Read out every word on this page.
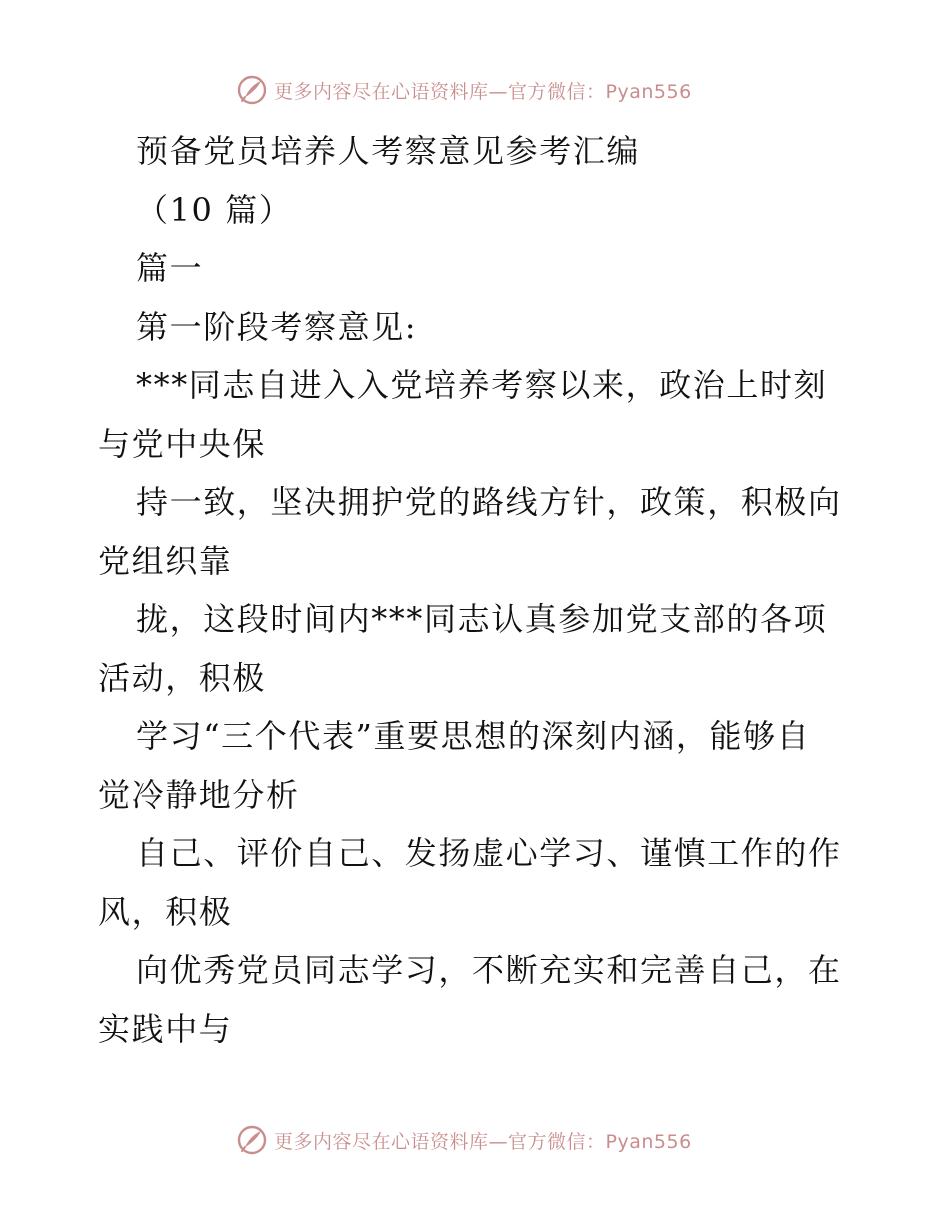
更多内容尽在心语资料库—官方微信：Pyan556
预备党员培养人考察意见参考汇编
（10 篇）
篇一
第一阶段考察意见:
***同志自进入入党培养考察以来，政治上时刻
与党中央保
持一致，坚决拥护党的路线方针，政策，积极向
党组织靠
拢，这段时间内***同志认真参加党支部的各项
活动，积极
学习“三个代表”重要思想的深刻内涵，能够自
觉冷静地分析
自己、评价自己、发扬虚心学习、谨慎工作的作
风，积极
向优秀党员同志学习，不断充实和完善自己，在
实践中与
更多内容尽在心语资料库—官方微信：Pyan556
